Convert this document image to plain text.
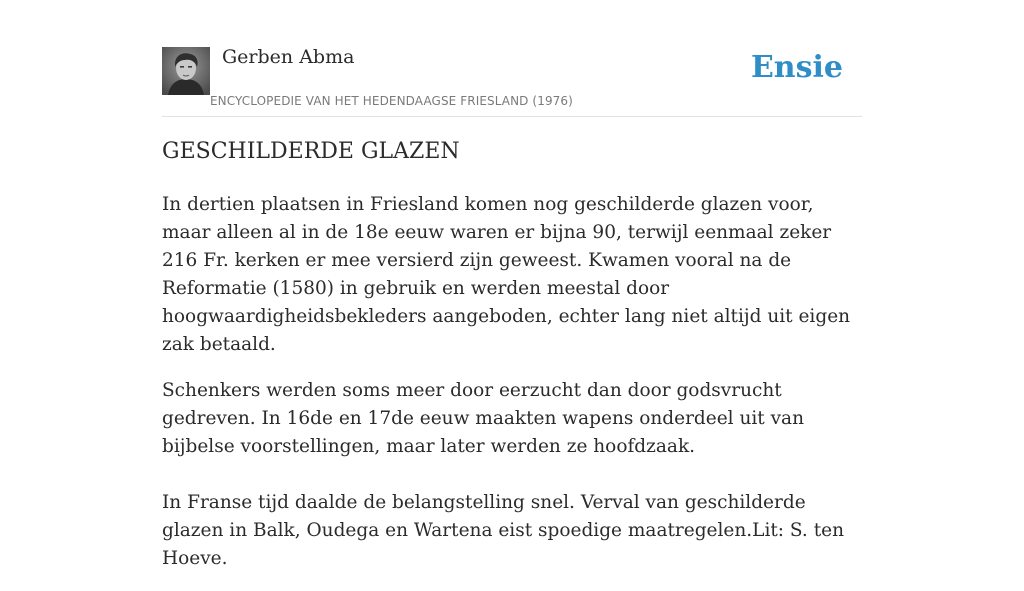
Gerben Abma
ENCYCLOPEDIE VAN HET HEDENDAAGSE FRIESLAND (1976)
Ensie
GESCHILDERDE GLAZEN

In dertien plaatsen in Friesland komen nog geschilderde glazen voor, maar alleen al in de 18e eeuw waren er bijna 90, terwijl eenmaal zeker 216 Fr. kerken er mee versierd zijn geweest. Kwamen vooral na de Reformatie (1580) in gebruik en werden meestal door hoogwaardigheidsbekleders aangeboden, echter lang niet altijd uit eigen zak betaald.

Schenkers werden soms meer door eerzucht dan door godsvrucht gedreven. In 16de en 17de eeuw maakten wapens onderdeel uit van bijbelse voorstellingen, maar later werden ze hoofdzaak.

In Franse tijd daalde de belangstelling snel. Verval van geschilderde glazen in Balk, Oudega en Wartena eist spoedige maatregelen.Lit: S. ten Hoeve.
